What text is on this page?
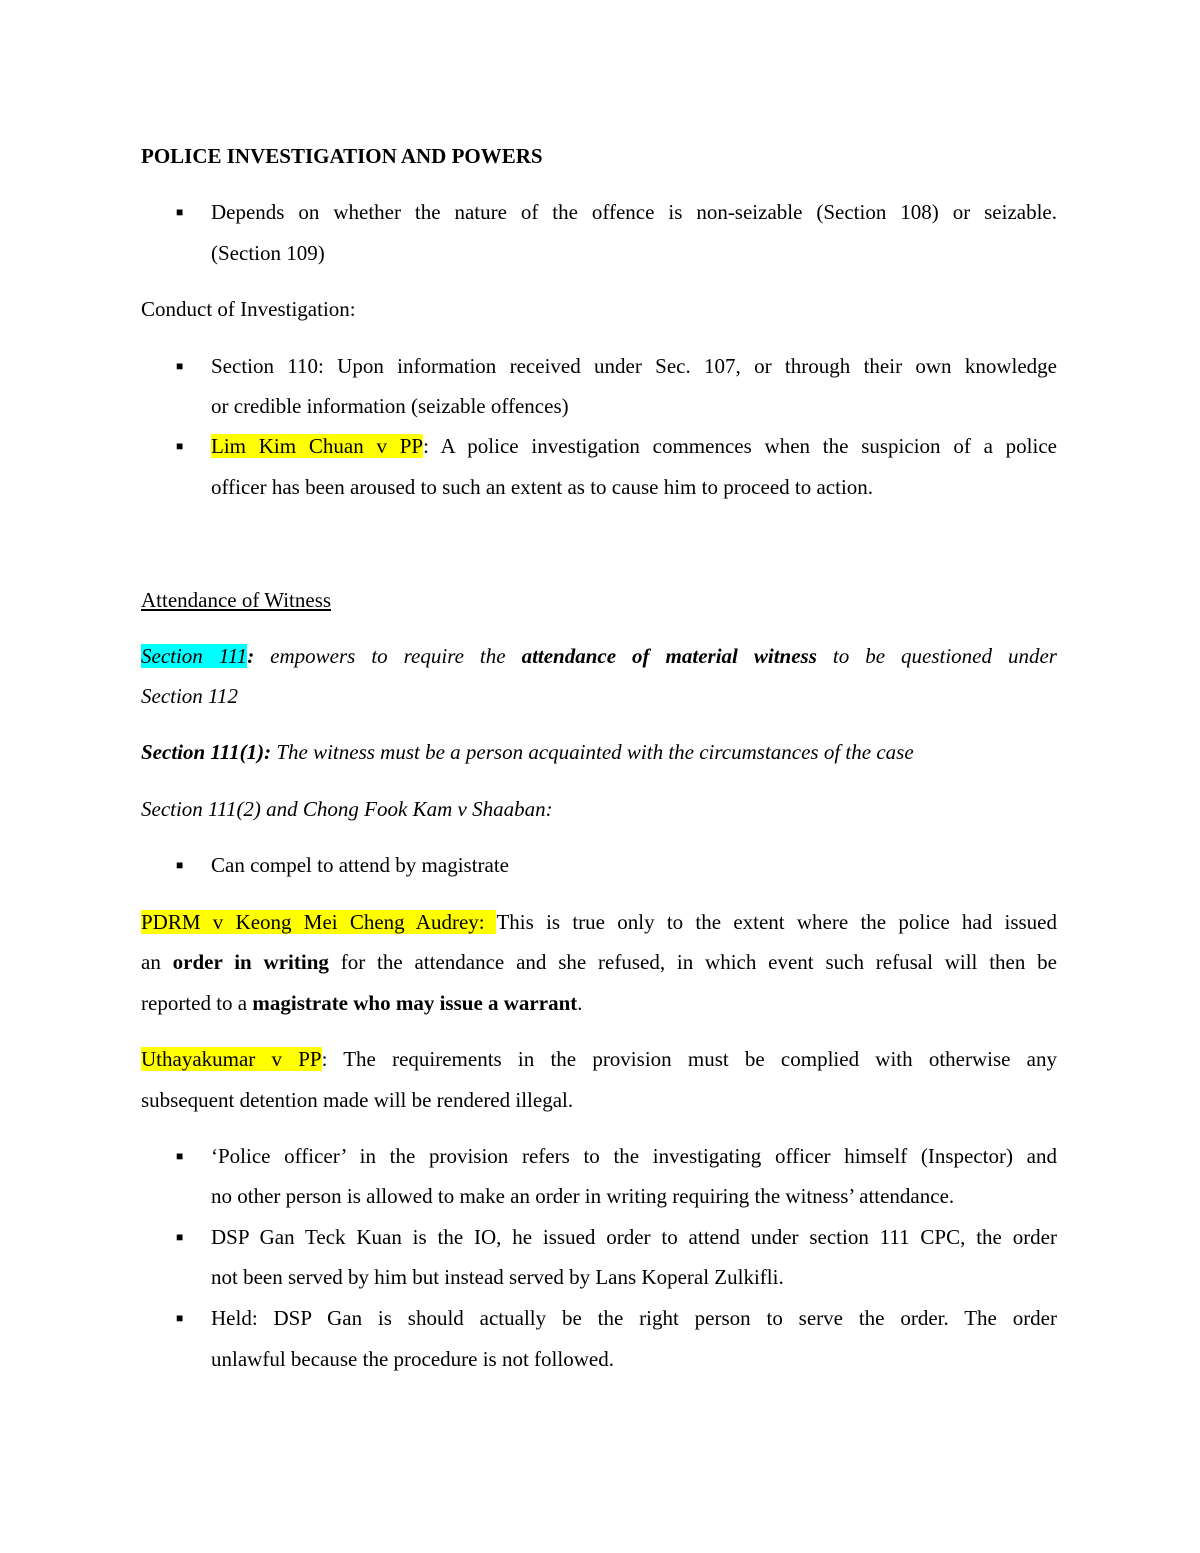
POLICE INVESTIGATION AND POWERS
■
Depends on whether the nature of the offence is non-seizable (Section 108) or seizable.
(Section 109)
Conduct of Investigation:
■
Section 110: Upon information received under Sec. 107, or through their own knowledge
or credible information (seizable offences)
■
Lim Kim Chuan v PP: A police investigation commences when the suspicion of a police
officer has been aroused to such an extent as to cause him to proceed to action.
Attendance of Witness
Section 111: empowers to require the attendance of material witness to be questioned under
Section 112
Section 111(1): The witness must be a person acquainted with the circumstances of the case
Section 111(2) and Chong Fook Kam v Shaaban:
■
Can compel to attend by magistrate
PDRM v Keong Mei Cheng Audrey: This is true only to the extent where the police had issued
an order in writing for the attendance and she refused, in which event such refusal will then be
reported to a magistrate who may issue a warrant.
Uthayakumar v PP: The requirements in the provision must be complied with otherwise any
subsequent detention made will be rendered illegal.
■
‘Police officer’ in the provision refers to the investigating officer himself (Inspector) and
no other person is allowed to make an order in writing requiring the witness’ attendance.
■
DSP Gan Teck Kuan is the IO, he issued order to attend under section 111 CPC, the order
not been served by him but instead served by Lans Koperal Zulkifli.
■
Held: DSP Gan is should actually be the right person to serve the order. The order
unlawful because the procedure is not followed.
